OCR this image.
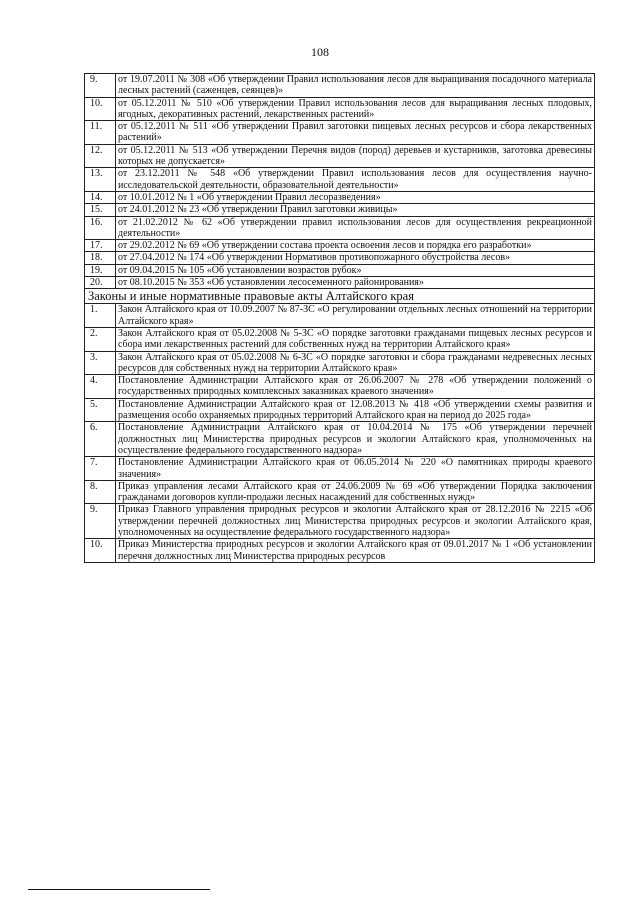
108
9.	от 19.07.2011 № 308 «Об утверждении Правил использования лесов для выращивания посадочного материала лесных растений (саженцев, сеянцев)»
10.	от 05.12.2011 № 510 «Об утверждении Правил использования лесов для выращивания лесных плодовых, ягодных, декоративных растений, лекарственных растений»
11.	от 05.12.2011 № 511 «Об утверждении Правил заготовки пищевых лесных ресурсов и сбора лекарственных растений»
12.	от 05.12.2011 № 513 «Об утверждении Перечня видов (пород) деревьев и кустарников, заготовка древесины которых не допускается»
13.	от 23.12.2011 № 548 «Об утверждении Правил использования лесов для осуществления научно-исследовательской деятельности, образовательной деятельности»
14.	от 10.01.2012 № 1 «Об утверждении Правил лесоразведения»
15.	от 24.01.2012 № 23 «Об утверждении Правил заготовки живицы»
16.	от 21.02.2012 № 62 «Об утверждении правил использования лесов для осуществления рекреационной деятельности»
17.	от 29.02.2012 № 69 «Об утверждении состава проекта освоения лесов и порядка его разработки»
18.	от 27.04.2012 № 174 «Об утверждении Нормативов противопожарного обустройства лесов»
19.	от 09.04.2015 № 105 «Об установлении возрастов рубок»
20.	от 08.10.2015 № 353 «Об установлении лесосеменного районирования»
Законы и иные нормативные правовые акты Алтайского края	
1.	Закон Алтайского края от 10.09.2007 № 87-ЗС «О регулировании отдельных лесных отношений на территории Алтайского края»
2.	Закон Алтайского края от 05.02.2008 № 5-ЗС «О порядке заготовки гражданами пищевых лесных ресурсов и сбора ими лекарственных растений для собственных нужд на территории Алтайского края»
3.	Закон Алтайского края от 05.02.2008 № 6-ЗС «О порядке заготовки и сбора гражданами недревесных лесных ресурсов для собственных нужд на территории Алтайского края»
4.	Постановление Администрации Алтайского края от 26.06.2007 № 278 «Об утверждении положений о государственных природных комплексных заказниках краевого значения»
5.	Постановление Администрации Алтайского края от 12.08.2013 № 418 «Об утверждении схемы развития и размещения особо охраняемых природных территорий Алтайского края на период до 2025 года»
6.	Постановление Администрации Алтайского края от 10.04.2014 № 175 «Об утверждении перечней должностных лиц Министерства природных ресурсов и экологии Алтайского края, уполномоченных на осуществление федерального государственного надзора»
7.	Постановление Администрации Алтайского края от 06.05.2014 № 220 «О памятниках природы краевого значения»
8.	Приказ управления лесами Алтайского края от 24.06.2009 № 69 «Об утверждении Порядка заключения гражданами договоров купли-продажи лесных насаждений для собственных нужд»
9.	Приказ Главного управления природных ресурсов и экологии Алтайского края от 28.12.2016 № 2215 «Об утверждении перечней должностных лиц Министерства природных ресурсов и экологии Алтайского края, уполномоченных на осуществление федерального государственного надзора»
10.	Приказ Министерства природных ресурсов и экологии Алтайского края от 09.01.2017 № 1 «Об установлении перечня должностных лиц Министерства природных ресурсов
